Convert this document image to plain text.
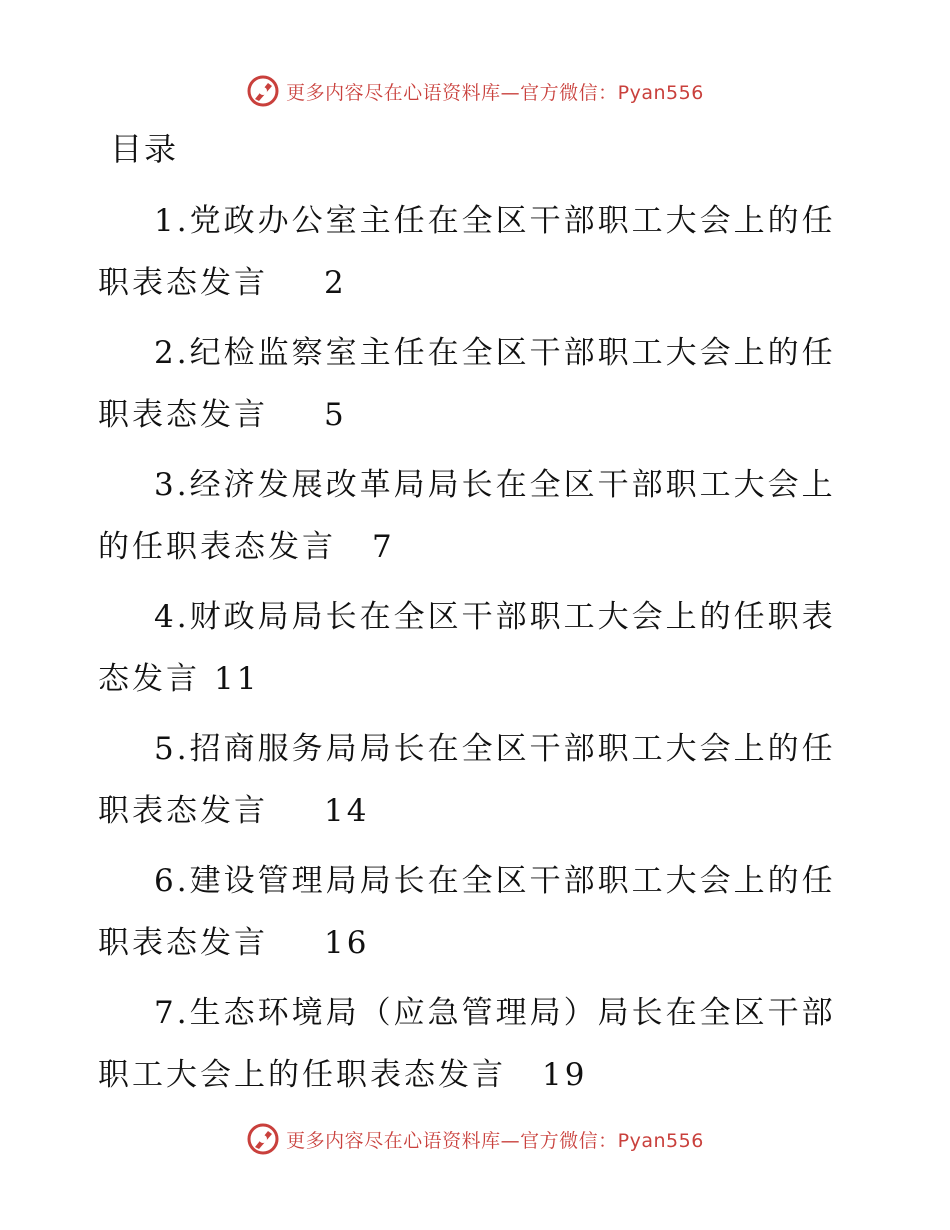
更多内容尽在心语资料库—官方微信：Pyan556
目录
1.党政办公室主任在全区干部职工大会上的任职表态发言 2
2.纪检监察室主任在全区干部职工大会上的任职表态发言 5
3.经济发展改革局局长在全区干部职工大会上的任职表态发言 7
4.财政局局长在全区干部职工大会上的任职表态发言 11
5.招商服务局局长在全区干部职工大会上的任职表态发言 14
6.建设管理局局长在全区干部职工大会上的任职表态发言 16
7.生态环境局（应急管理局）局长在全区干部职工大会上的任职表态发言 19
更多内容尽在心语资料库—官方微信：Pyan556
